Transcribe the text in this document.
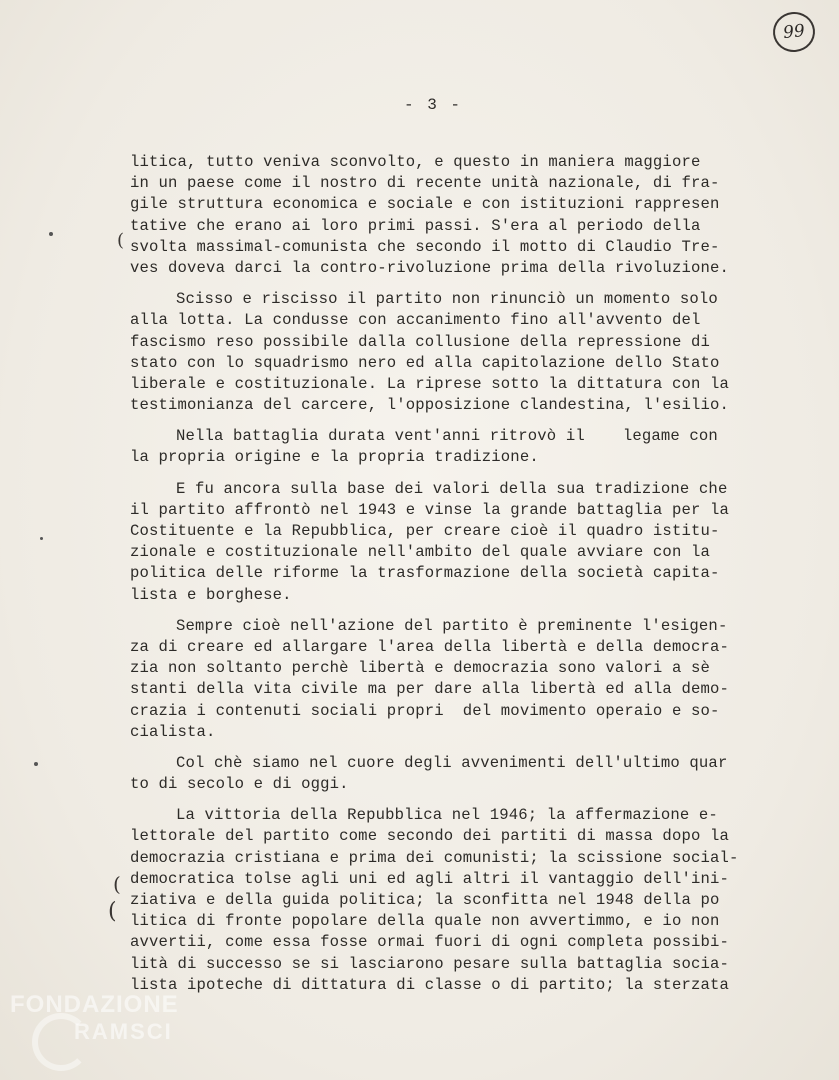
99
- 3 -
litica, tutto veniva sconvolto, e questo in maniera maggiore
in un paese come il nostro di recente unità nazionale, di fra-
gile struttura economica e sociale e con istituzioni rappresen
tative che erano ai loro primi passi. S'era al periodo della
svolta massimal-comunista che secondo il motto di Claudio Tre-
ves doveva darci la contro-rivoluzione prima della rivoluzione.
Scisso e riscisso il partito non rinunciò un momento solo
alla lotta. La condusse con accanimento fino all'avvento del
fascismo reso possibile dalla collusione della repressione di
stato con lo squadrismo nero ed alla capitolazione dello Stato
liberale e costituzionale. La riprese sotto la dittatura con la
testimonianza del carcere, l'opposizione clandestina, l'esilio.
Nella battaglia durata vent'anni ritrovò il    legame con
la propria origine e la propria tradizione.
E fu ancora sulla base dei valori della sua tradizione che
il partito affrontò nel 1943 e vinse la grande battaglia per la
Costituente e la Repubblica, per creare cioè il quadro istitu-
zionale e costituzionale nell'ambito del quale avviare con la
politica delle riforme la trasformazione della società capita-
lista e borghese.
Sempre cioè nell'azione del partito è preminente l'esigen-
za di creare ed allargare l'area della libertà e della democra-
zia non soltanto perchè libertà e democrazia sono valori a sè
stanti della vita civile ma per dare alla libertà ed alla demo-
crazia i contenuti sociali propri  del movimento operaio e so-
cialista.
Col chè siamo nel cuore degli avvenimenti dell'ultimo quar
to di secolo e di oggi.
La vittoria della Repubblica nel 1946; la affermazione e-
lettorale del partito come secondo dei partiti di massa dopo la
democrazia cristiana e prima dei comunisti; la scissione social-
democratica tolse agli uni ed agli altri il vantaggio dell'ini-
ziativa e della guida politica; la sconfitta nel 1948 della po
litica di fronte popolare della quale non avvertimmo, e io non
avvertii, come essa fosse ormai fuori di ogni completa possibi-
lità di successo se si lasciarono pesare sulla battaglia socia-
lista ipoteche di dittatura di classe o di partito; la sterzata
(
(
(
FONDAZIONE
RAMSCI
